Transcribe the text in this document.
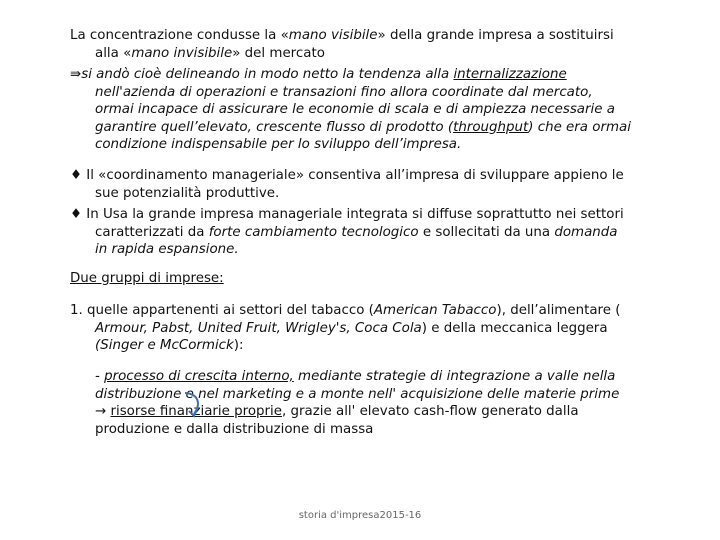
La concentrazione condusse la «mano visibile» della grande impresa a sostituirsi
alla «mano invisibile» del mercato
⇛si andò cioè delineando in modo netto la tendenza alla internalizzazione
nell'azienda di operazioni e transazioni fino allora coordinate dal mercato,
ormai incapace di assicurare le economie di scala e di ampiezza necessarie a
garantire quell’elevato, crescente flusso di prodotto (throughput) che era ormai
condizione indispensabile per lo sviluppo dell’impresa.
♦ Il «coordinamento manageriale» consentiva all’impresa di sviluppare appieno le
sue potenzialità produttive.
♦ In Usa la grande impresa manageriale integrata si diffuse soprattutto nei settori
caratterizzati da forte cambiamento tecnologico e sollecitati da una domanda
in rapida espansione.
Due gruppi di imprese:
1. quelle appartenenti ai settori del tabacco (American Tabacco), dell’alimentare (
Armour, Pabst, United Fruit, Wrigley's, Coca Cola) e della meccanica leggera
(Singer e McCormick):
- processo di crescita interno, mediante strategie di integrazione a valle nella
distribuzione e nel marketing e a monte nell' acquisizione delle materie prime
→ risorse finanziarie proprie, grazie all' elevato cash-flow generato dalla
produzione e dalla distribuzione di massa
storia d'impresa2015-16
